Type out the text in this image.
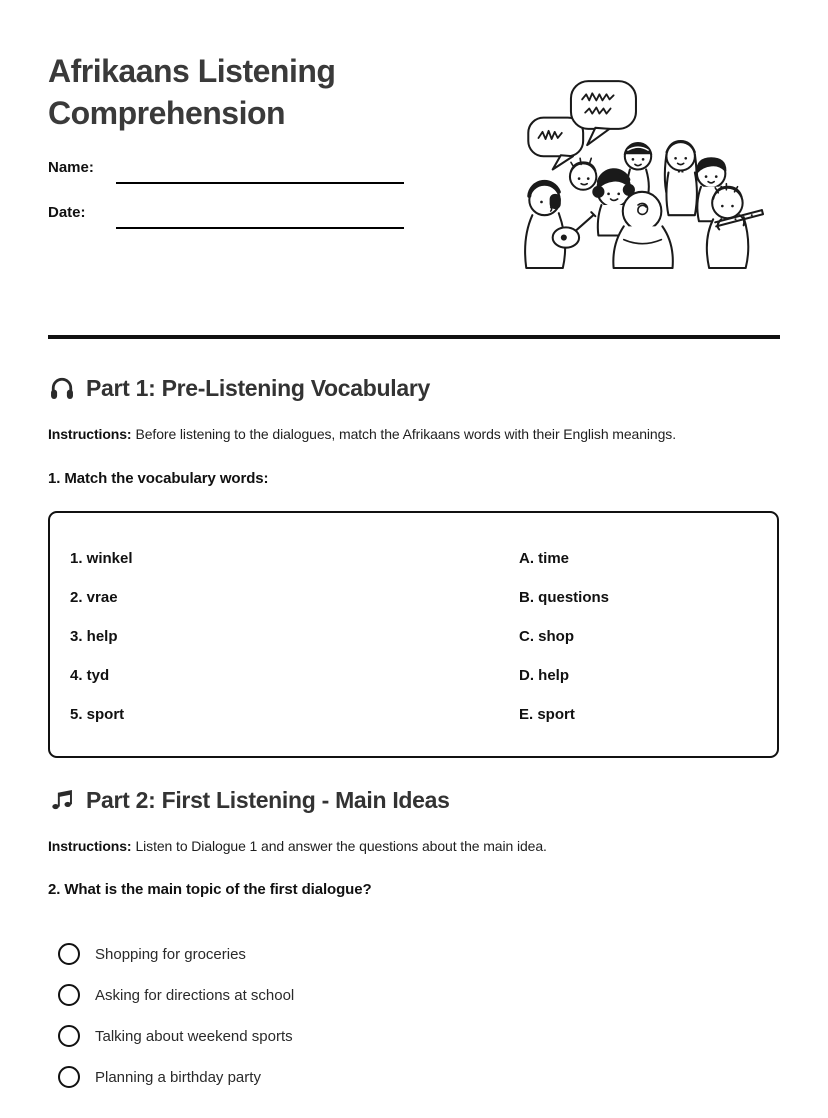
Afrikaans Listening Comprehension
Name:
Date:
Part 1: Pre-Listening Vocabulary

Instructions: Before listening to the dialogues, match the Afrikaans words with their English meanings.

1. Match the vocabulary words:
1. winkel	A. time
2. vrae	B. questions
3. help	C. shop
4. tyd	D. help
5. sport	E. sport
Part 2: First Listening - Main Ideas

Instructions: Listen to Dialogue 1 and answer the questions about the main idea.

2. What is the main topic of the first dialogue?
Shopping for groceries
Asking for directions at school
Talking about weekend sports
Planning a birthday party
